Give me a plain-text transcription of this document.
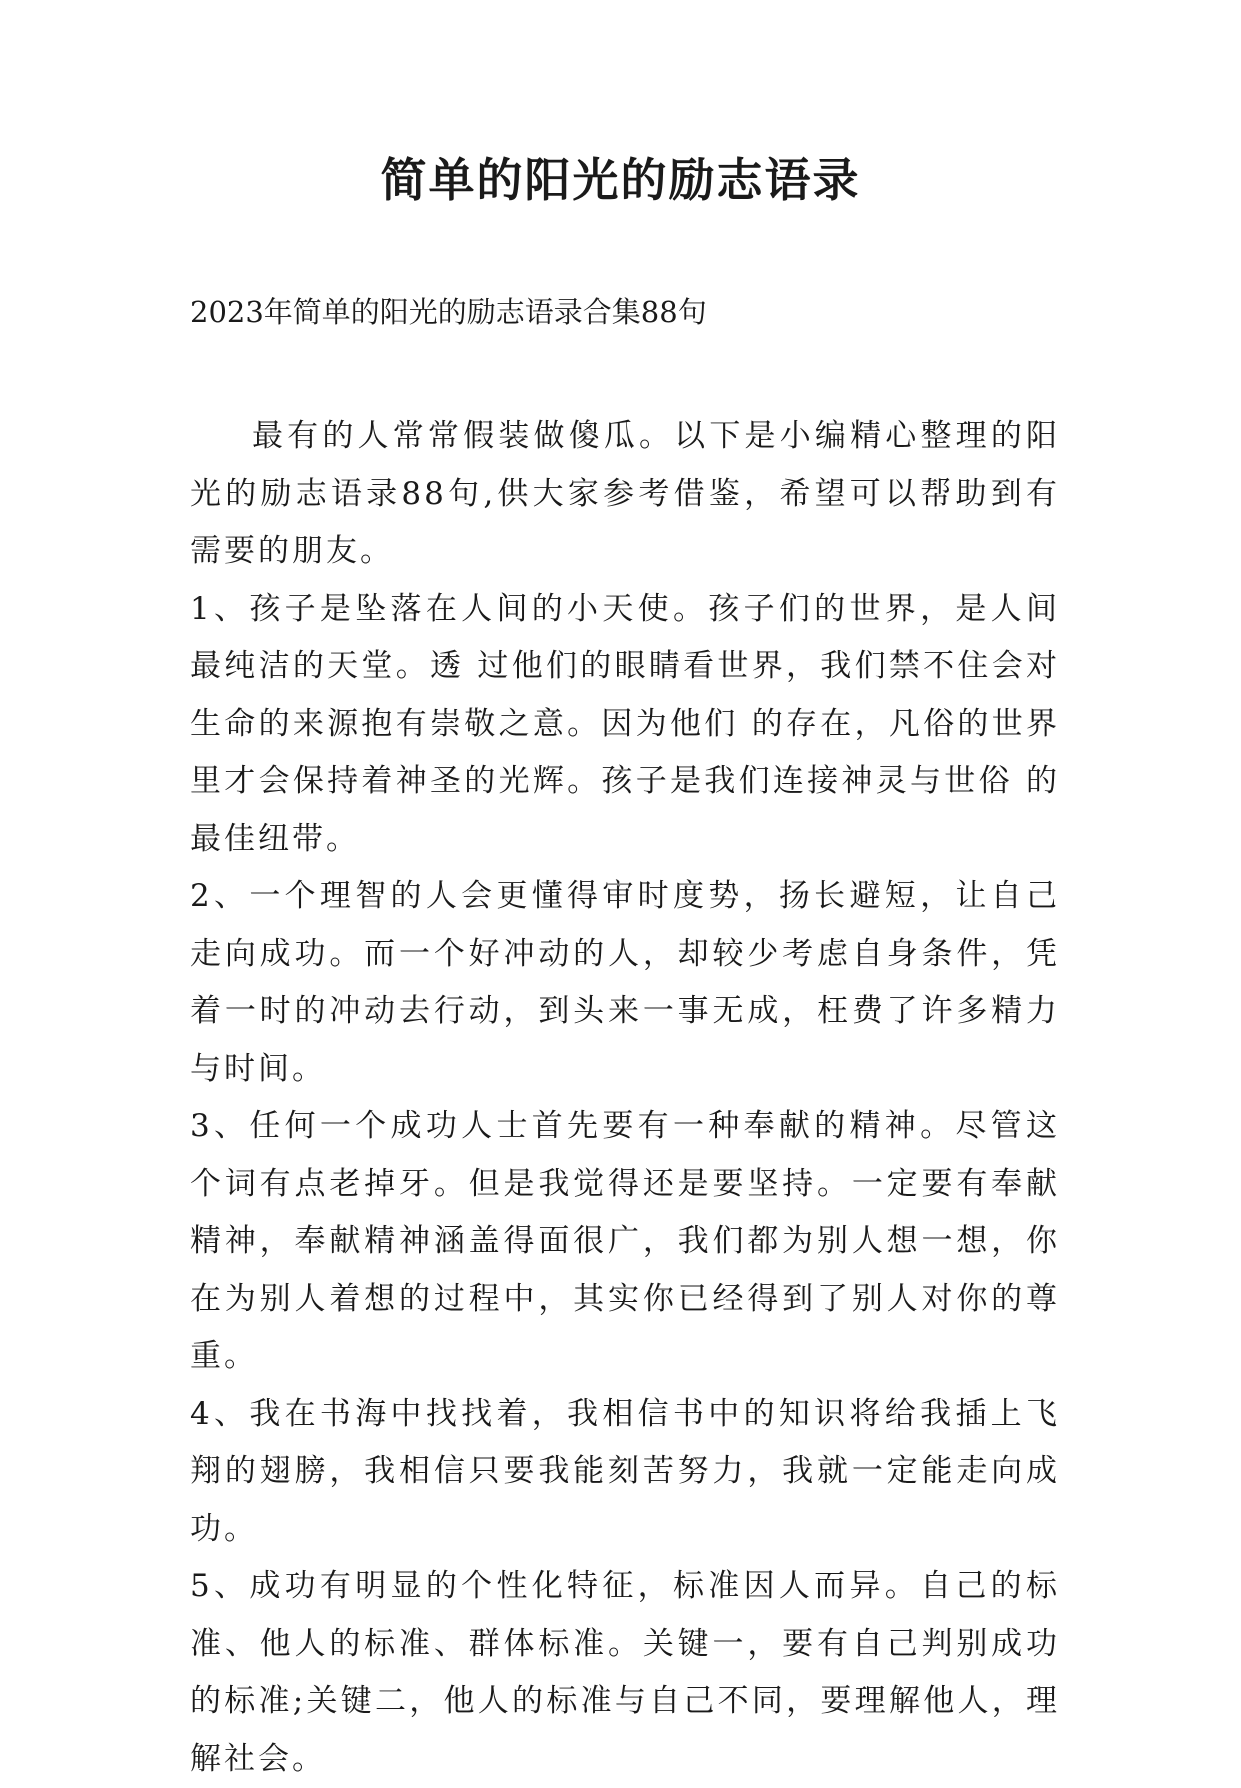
简单的阳光的励志语录

2023年简单的阳光的励志语录合集88句

最有的人常常假装做傻瓜。以下是小编精心整理的阳光的励志语录88句,供大家参考借鉴，希望可以帮助到有需要的朋友。

1、孩子是坠落在人间的小天使。孩子们的世界，是人间最纯洁的天堂。透 过他们的眼睛看世界，我们禁不住会对生命的来源抱有崇敬之意。因为他们 的存在，凡俗的世界里才会保持着神圣的光辉。孩子是我们连接神灵与世俗 的最佳纽带。

2、一个理智的人会更懂得审时度势，扬长避短，让自己走向成功。而一个好冲动的人，却较少考虑自身条件，凭着一时的冲动去行动，到头来一事无成，枉费了许多精力与时间。

3、任何一个成功人士首先要有一种奉献的精神。尽管这个词有点老掉牙。但是我觉得还是要坚持。一定要有奉献精神，奉献精神涵盖得面很广，我们都为别人想一想，你在为别人着想的过程中，其实你已经得到了别人对你的尊重。

4、我在书海中找找着，我相信书中的知识将给我插上飞翔的翅膀，我相信只要我能刻苦努力，我就一定能走向成功。

5、成功有明显的个性化特征，标准因人而异。自己的标准、他人的标准、群体标准。关键一，要有自己判别成功的标准;关键二，他人的标准与自己不同，要理解他人，理解社会。
